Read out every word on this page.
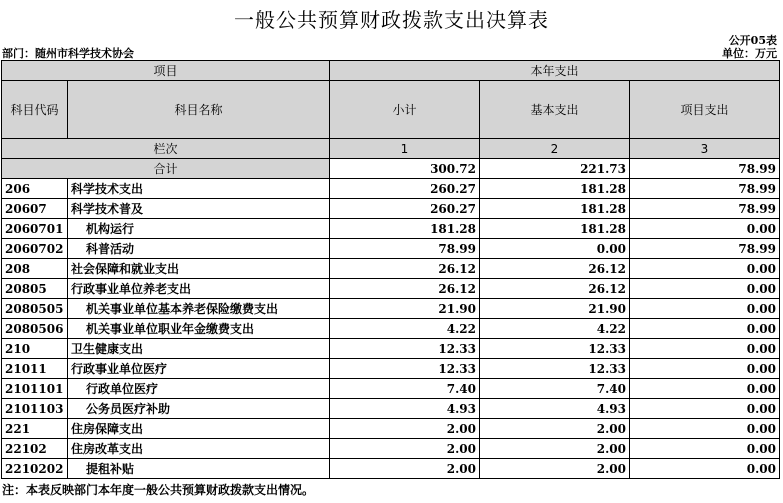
一般公共预算财政拨款支出决算表
公开05表
部门：随州市科学技术协会	单位：万元
项目		本年支出		
科目代码	科目名称	小计	基本支出	项目支出
栏次		1	2	3
合计		300.72	221.73	78.99
206	科学技术支出	260.27	181.28	78.99
20607	科学技术普及	260.27	181.28	78.99
2060701	机构运行	181.28	181.28	0.00
2060702	科普活动	78.99	0.00	78.99
208	社会保障和就业支出	26.12	26.12	0.00
20805	行政事业单位养老支出	26.12	26.12	0.00
2080505	机关事业单位基本养老保险缴费支出	21.90	21.90	0.00
2080506	机关事业单位职业年金缴费支出	4.22	4.22	0.00
210	卫生健康支出	12.33	12.33	0.00
21011	行政事业单位医疗	12.33	12.33	0.00
2101101	行政单位医疗	7.40	7.40	0.00
2101103	公务员医疗补助	4.93	4.93	0.00
221	住房保障支出	2.00	2.00	0.00
22102	住房改革支出	2.00	2.00	0.00
2210202	提租补贴	2.00	2.00	0.00
注：本表反映部门本年度一般公共预算财政拨款支出情况。
